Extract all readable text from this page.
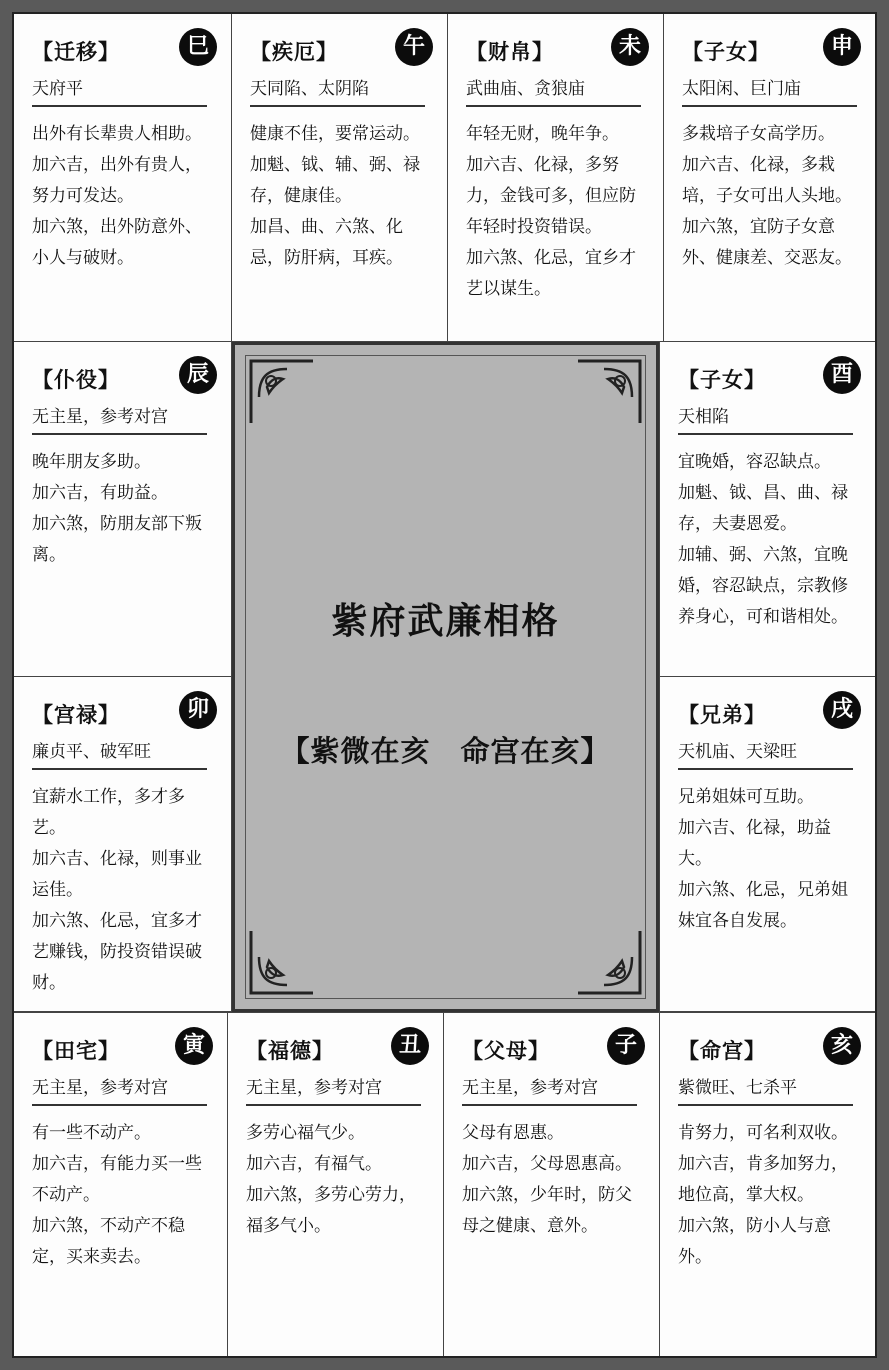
【迁移】	巳
天府平

出外有长辈贵人相助。

加六吉，出外有贵人，努力可发达。

加六煞，出外防意外、小人与破财。

【疾厄】	午
天同陷、太阴陷

健康不佳，要常运动。

加魁、钺、辅、弼、禄存，健康佳。

加昌、曲、六煞、化忌，防肝病，耳疾。

【财帛】	未
武曲庙、贪狼庙

年轻无财，晚年争。

加六吉、化禄，多努力，金钱可多，但应防年轻时投资错误。

加六煞、化忌，宜乡才艺以谋生。

【子女】	申
太阳闲、巨门庙

多栽培子女高学历。

加六吉、化禄，多栽培，子女可出人头地。

加六煞，宜防子女意外、健康差、交恶友。

【仆役】	辰
无主星，参考对宫

晚年朋友多助。

加六吉，有助益。

加六煞，防朋友部下叛离。

【子女】	酉
天相陷

宜晚婚，容忍缺点。

加魁、钺、昌、曲、禄存，夫妻恩爱。

加辅、弼、六煞，宜晚婚，容忍缺点，宗教修养身心，可和谐相处。

【宫禄】	卯
廉贞平、破军旺

宜薪水工作，多才多艺。

加六吉、化禄，则事业运佳。

加六煞、化忌，宜多才艺赚钱，防投资错误破财。

【兄弟】	戌
天机庙、天梁旺

兄弟姐妹可互助。

加六吉、化禄，助益大。

加六煞、化忌，兄弟姐妹宜各自发展。

紫府武廉相格
【紫微在亥　命宫在亥】
【田宅】	寅
无主星，参考对宫

有一些不动产。

加六吉，有能力买一些不动产。

加六煞，不动产不稳定，买来卖去。

【福德】	丑
无主星，参考对宫

多劳心福气少。

加六吉，有福气。

加六煞，多劳心劳力，福多气小。

【父母】	子
无主星，参考对宫

父母有恩惠。

加六吉，父母恩惠高。

加六煞，少年时，防父母之健康、意外。

【命宫】	亥
紫微旺、七杀平

肯努力，可名利双收。

加六吉，肯多加努力，地位高，掌大权。

加六煞，防小人与意外。
